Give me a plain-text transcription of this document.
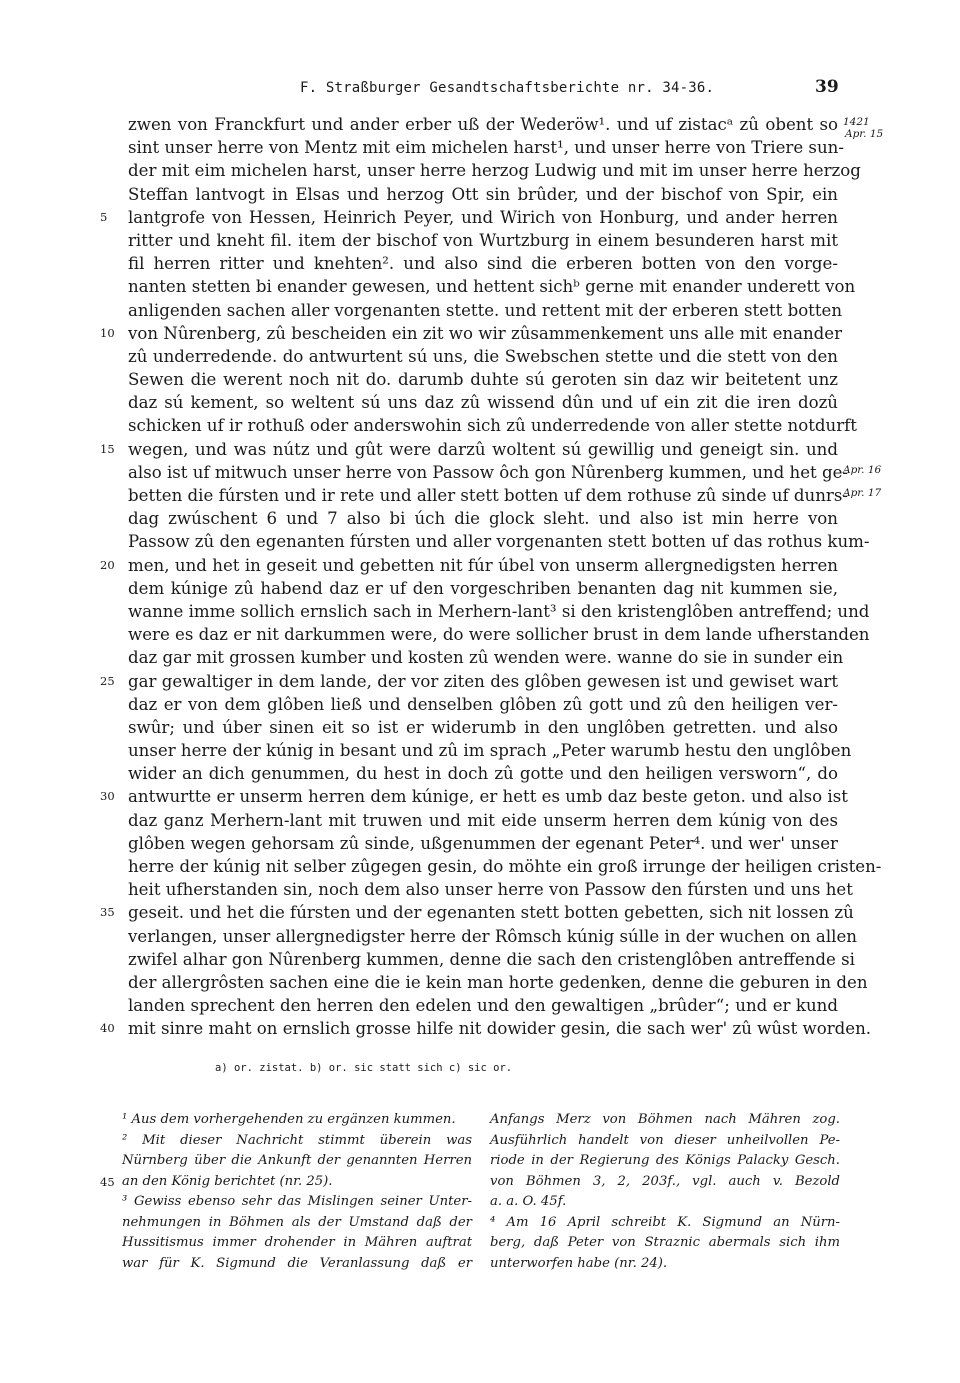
F. Straßburger Gesandtschaftsberichte nr. 34-36.	39
zwen von Franckfurt und ander erber uß der Wederöw¹. und uf zistacᵃ zû obent so 1421
Apr. 15
sint unser herre von Mentz mit eim michelen harst¹, und unser herre von Triere sun-
der mit eim michelen harst, unser herre herzog Ludwig und mit im unser herre herzog
Steffan lantvogt in Elsas und herzog Ott sin brûder, und der bischof von Spir, ein
5 lantgrofe von Hessen, Heinrich Peyer, und Wirich von Honburg, und ander herren
ritter und kneht fil. item der bischof von Wurtzburg in einem besunderen harst mit
fil herren ritter und knehten². und also sind die erberen botten von den vorge-
nanten stetten bi enander gewesen, und hettent sichᵇ gerne mit enander underett von
anligenden sachen aller vorgenanten stette. und rettent mit der erberen stett botten
10 von Nûrenberg, zû bescheiden ein zit wo wir zûsammenkement uns alle mit enander
zû underredende. do antwurtent sú uns, die Swebschen stette und die stett von den
Sewen die werent noch nit do. darumb duhte sú geroten sin daz wir beitetent unz
daz sú kement, so weltent sú uns daz zû wissend dûn und uf ein zit die iren dozû
schicken uf ir rothuß oder anderswohin sich zû underredende von aller stette notdurft
15 wegen, und was nútz und gût were darzû woltent sú gewillig und geneigt sin. und
also ist uf mitwuch unser herre von Passow ôch gon Nûrenberg kummen, und het ge-
Apr. 16
betten die fúrsten und ir rete und aller stett botten uf dem rothuse zû sinde uf dunrs-
Apr. 17
dag zwúschent 6 und 7 also bi úch die glock sleht. und also ist min herre von
Passow zû den egenanten fúrsten und aller vorgenanten stett botten uf das rothus kum-
20 men, und het in geseit und gebetten nit fúr úbel von unserm allergnedigsten herren
dem kúnige zû habend daz er uf den vorgeschriben benanten dag nit kummen sie,
wanne imme sollich ernslich sach in Merhern-lant³ si den kristenglôben antreffend; und
were es daz er nit darkummen were, do were sollicher brust in dem lande ufherstanden
daz gar mit grossen kumber und kosten zû wenden were. wanne do sie in sunder ein
25 gar gewaltiger in dem lande, der vor ziten des glôben gewesen ist und gewiset wart
daz er von dem glôben ließ und denselben glôben zû gott und zû den heiligen ver-
swûr; und úber sinen eit so ist er widerumb in den unglôben getretten. und also
unser herre der kúnig in besant und zû im sprach „Peter warumb hestu den unglôben
wider an dich genummen, du hest in doch zû gotte und den heiligen versworn“, do
30 antwurtte er unserm herren dem kúnige, er hett es umb daz beste geton. und also ist
daz ganz Merhern-lant mit truwen und mit eide unserm herren dem kúnig von des
glôben wegen gehorsam zû sinde, ußgenummen der egenant Peter⁴. und wer' unser
herre der kúnig nit selber zûgegen gesin, do möhte ein groß irrunge der heiligen cristen-
heit ufherstanden sin, noch dem also unser herre von Passow den fúrsten und uns het
35 geseit. und het die fúrsten und der egenanten stett botten gebetten, sich nit lossen zû
verlangen, unser allergnedigster herre der Rômsch kúnig súlle in der wuchen on allen
zwifel alhar gon Nûrenberg kummen, denne die sach den cristenglôben antreffende si
der allergrôsten sachen eine die ie kein man horte gedenken, denne die geburen in den
landen sprechent den herren den edelen und den gewaltigen „brûder“; und er kund
40 mit sinre maht on ernslich grosse hilfe nit dowider gesin, die sach wer' zû wûst worden.
a) or. zistat. b) or. sic statt sich c) sic or.
¹ Aus dem vorhergehenden zu ergänzen kummen.
² Mit dieser Nachricht stimmt überein was
Nürnberg über die Ankunft der genannten Herren
an den König berichtet (nr. 25).
³ Gewiss ebenso sehr das Mislingen seiner Unter-
nehmungen in Böhmen als der Umstand daß der
Hussitismus immer drohender in Mähren auftrat
war für K. Sigmund die Veranlassung daß er
Anfangs Merz von Böhmen nach Mähren zog.
Ausführlich handelt von dieser unheilvollen Pe-
riode in der Regierung des Königs Palacky Gesch.
von Böhmen 3, 2, 203f., vgl. auch v. Bezold
a. a. O. 45f.
⁴ Am 16 April schreibt K. Sigmund an Nürn-
berg, daß Peter von Straznic abermals sich ihm
unterworfen habe (nr. 24).
45
